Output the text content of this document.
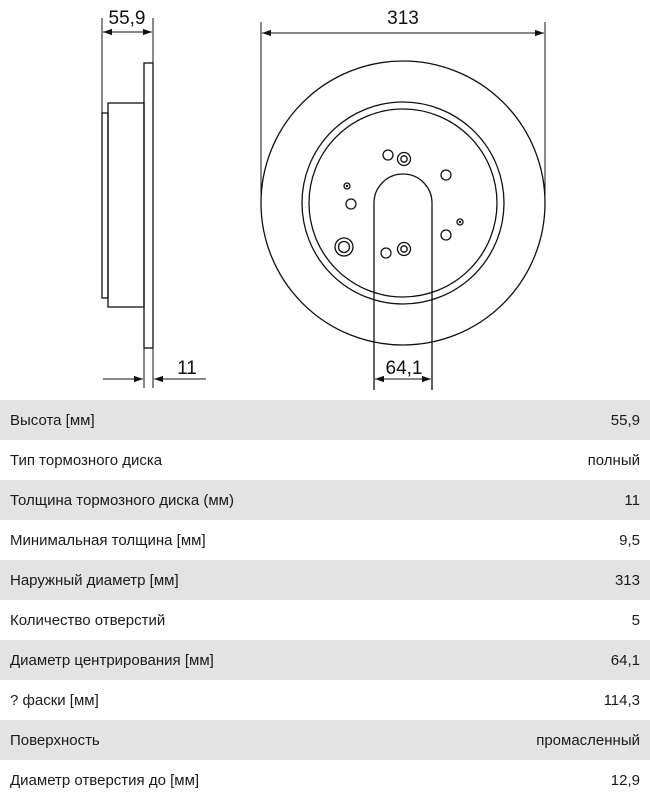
55,9
11
313
64,1
Высота [мм]	55,9
Тип тормозного диска	полный
Толщина тормозного диска (мм)	11
Минимальная толщина [мм]	9,5
Наружный диаметр [мм]	313
Количество отверстий	5
Диаметр центрирования [мм]	64,1
? фаски [мм]	114,3
Поверхность	промасленный
Диаметр отверстия до [мм]	12,9
